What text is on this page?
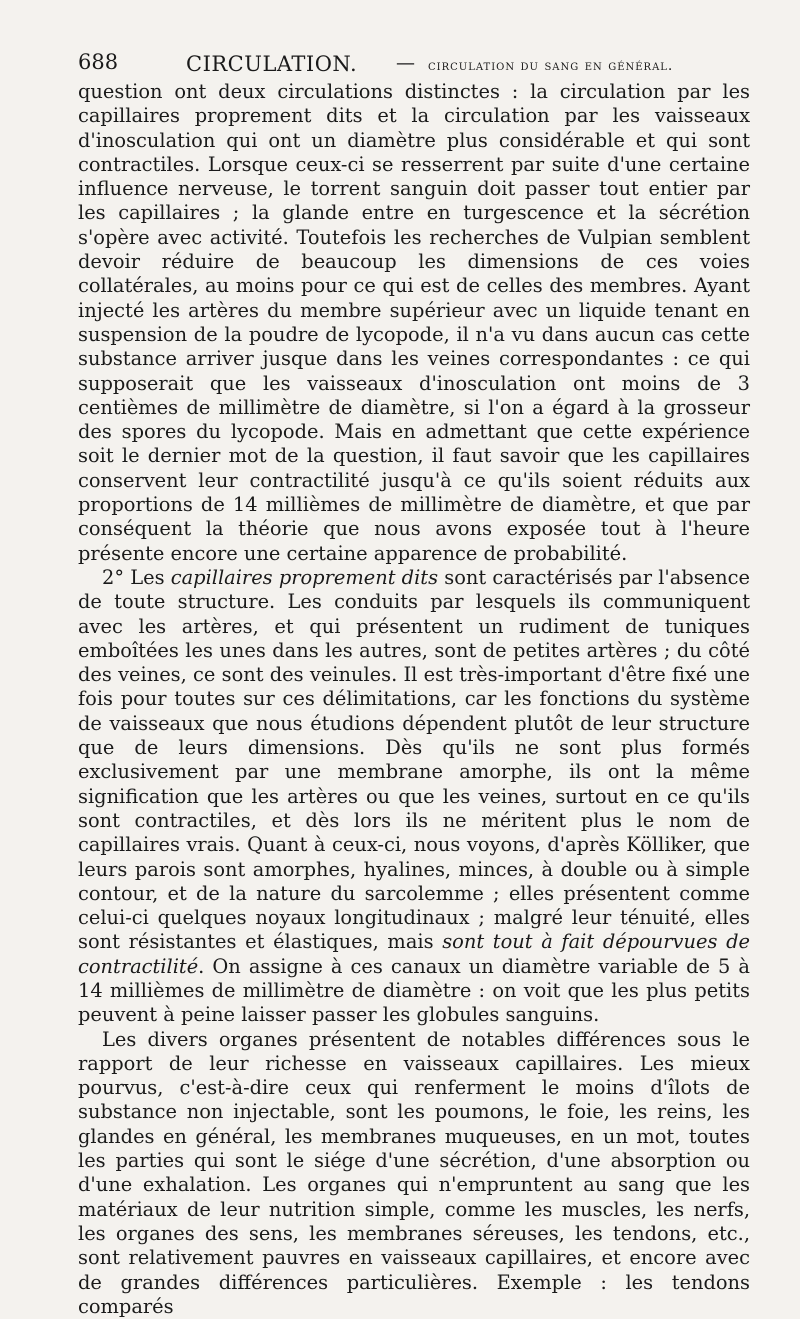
688	CIRCULATION. — circulation du sang en général.

question ont deux circulations distinctes : la circulation par les capillaires proprement dits et la circulation par les vaisseaux d'inosculation qui ont un diamètre plus considérable et qui sont contractiles. Lorsque ceux-ci se resserrent par suite d'une certaine influence nerveuse, le torrent sanguin doit passer tout entier par les capillaires ; la glande entre en turgescence et la sécrétion s'opère avec activité. Toutefois les recherches de Vulpian semblent devoir réduire de beaucoup les dimensions de ces voies collatérales, au moins pour ce qui est de celles des membres. Ayant injecté les artères du membre supérieur avec un liquide tenant en suspension de la poudre de lycopode, il n'a vu dans aucun cas cette substance arriver jusque dans les veines correspondantes : ce qui supposerait que les vaisseaux d'inosculation ont moins de 3 centièmes de millimètre de diamètre, si l'on a égard à la grosseur des spores du lycopode. Mais en admettant que cette expérience soit le dernier mot de la question, il faut savoir que les capillaires conservent leur contractilité jusqu'à ce qu'ils soient réduits aux proportions de 14 millièmes de millimètre de diamètre, et que par conséquent la théorie que nous avons exposée tout à l'heure présente encore une certaine apparence de probabilité.

2° Les capillaires proprement dits sont caractérisés par l'absence de toute structure. Les conduits par lesquels ils communiquent avec les artères, et qui présentent un rudiment de tuniques emboîtées les unes dans les autres, sont de petites artères ; du côté des veines, ce sont des veinules. Il est très-important d'être fixé une fois pour toutes sur ces délimitations, car les fonctions du système de vaisseaux que nous étudions dépendent plutôt de leur structure que de leurs dimensions. Dès qu'ils ne sont plus formés exclusivement par une membrane amorphe, ils ont la même signification que les artères ou que les veines, surtout en ce qu'ils sont contractiles, et dès lors ils ne méritent plus le nom de capillaires vrais. Quant à ceux-ci, nous voyons, d'après Kölliker, que leurs parois sont amorphes, hyalines, minces, à double ou à simple contour, et de la nature du sarcolemme ; elles présentent comme celui-ci quelques noyaux longitudinaux ; malgré leur ténuité, elles sont résistantes et élastiques, mais sont tout à fait dépourvues de contractilité. On assigne à ces canaux un diamètre variable de 5 à 14 millièmes de millimètre de diamètre : on voit que les plus petits peuvent à peine laisser passer les globules sanguins.

Les divers organes présentent de notables différences sous le rapport de leur richesse en vaisseaux capillaires. Les mieux pourvus, c'est-à-dire ceux qui renferment le moins d'îlots de substance non injectable, sont les poumons, le foie, les reins, les glandes en général, les membranes muqueuses, en un mot, toutes les parties qui sont le siége d'une sécrétion, d'une absorption ou d'une exhalation. Les organes qui n'empruntent au sang que les matériaux de leur nutrition simple, comme les muscles, les nerfs, les organes des sens, les membranes séreuses, les tendons, etc., sont relativement pauvres en vaisseaux capillaires, et encore avec de grandes différences particulières. Exemple : les tendons comparés
